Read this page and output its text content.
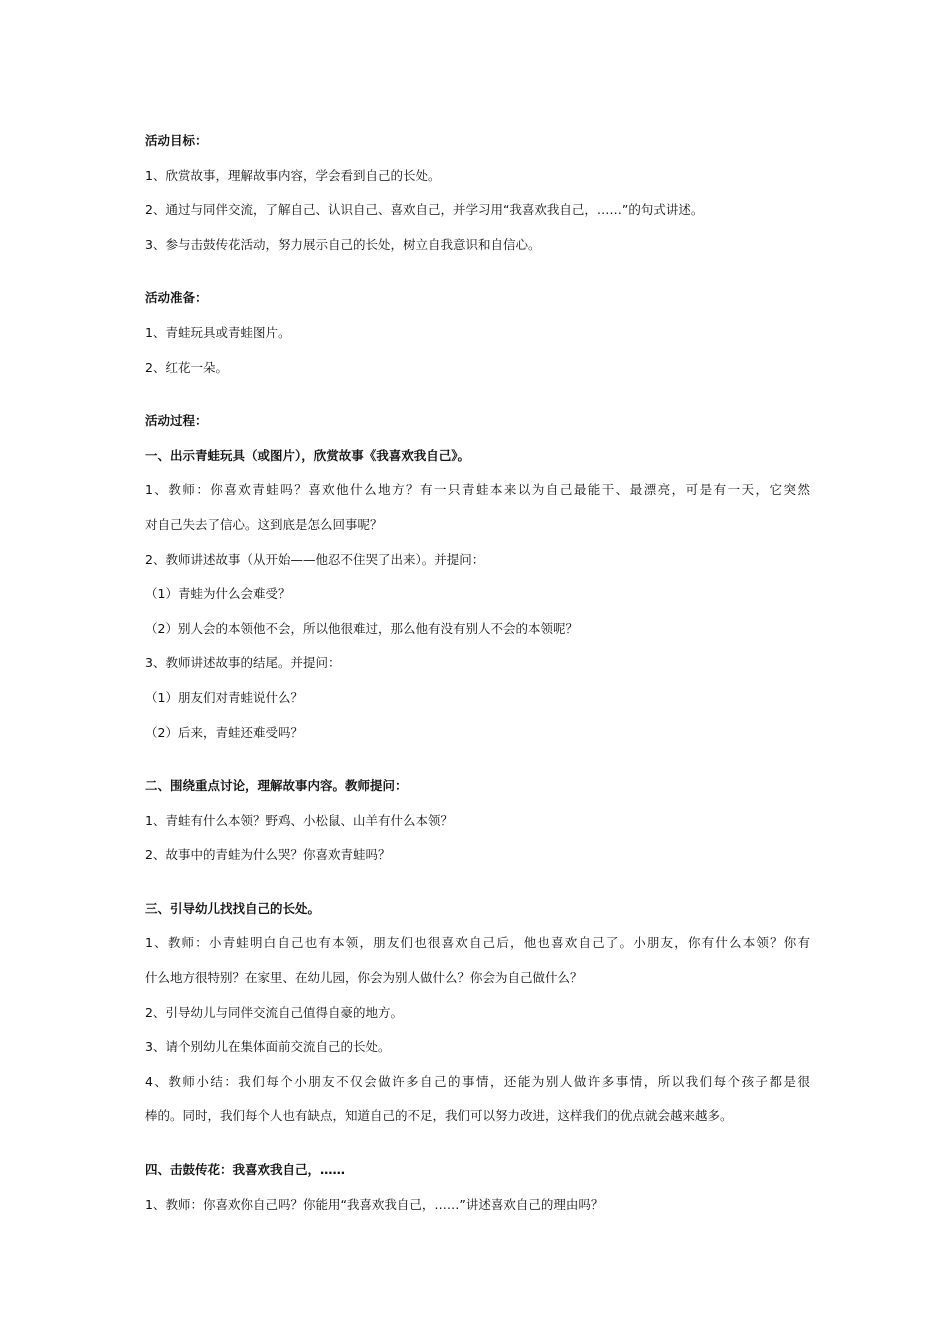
活动目标：

1、欣赏故事，理解故事内容，学会看到自己的长处。

2、通过与同伴交流，了解自己、认识自己、喜欢自己，并学习用“我喜欢我自己，……”的句式讲述。

3、参与击鼓传花活动，努力展示自己的长处，树立自我意识和自信心。

活动准备：

1、青蛙玩具或青蛙图片。

2、红花一朵。

活动过程：

一、出示青蛙玩具（或图片），欣赏故事《我喜欢我自己》。

1、教师：你喜欢青蛙吗？喜欢他什么地方？有一只青蛙本来以为自己最能干、最漂亮，可是有一天，它突然

对自己失去了信心。这到底是怎么回事呢？

2、教师讲述故事（从开始——他忍不住哭了出来）。并提问：

（1）青蛙为什么会难受？

（2）别人会的本领他不会，所以他很难过，那么他有没有别人不会的本领呢？

3、教师讲述故事的结尾。并提问：

（1）朋友们对青蛙说什么？

（2）后来，青蛙还难受吗？

二、围绕重点讨论，理解故事内容。教师提问：

1、青蛙有什么本领？野鸡、小松鼠、山羊有什么本领？

2、故事中的青蛙为什么哭？你喜欢青蛙吗？

三、引导幼儿找找自己的长处。

1、教师：小青蛙明白自己也有本领，朋友们也很喜欢自己后，他也喜欢自己了。小朋友，你有什么本领？你有

什么地方很特别？在家里、在幼儿园，你会为别人做什么？你会为自己做什么？

2、引导幼儿与同伴交流自己值得自豪的地方。

3、请个别幼儿在集体面前交流自己的长处。

4、教师小结：我们每个小朋友不仅会做许多自己的事情，还能为别人做许多事情，所以我们每个孩子都是很

棒的。同时，我们每个人也有缺点，知道自己的不足，我们可以努力改进，这样我们的优点就会越来越多。

四、击鼓传花：我喜欢我自己，……

1、教师：你喜欢你自己吗？你能用“我喜欢我自己，……”讲述喜欢自己的理由吗？
